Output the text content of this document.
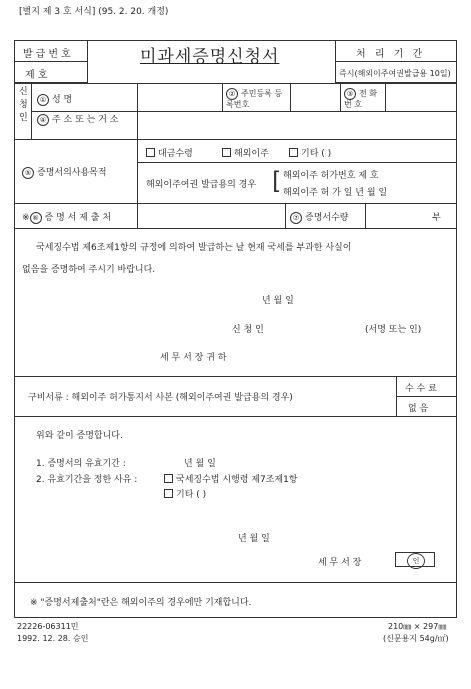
[별지 제 3 호 서식] (95. 2. 20. 개정)
발급번호
제 호
미과세증명신청서	처 리 기 간
즉시(해외이주여권발급용 10일)
신청인
① 성 명
② 주민등록 등록번호
③ 전 화 번 호
④ 주 소 또 는 거 소
⑤ 증명서의사용목적
대금수령	해외이주	기타 ( )
해외이주여권 발급용의 경우 [ 해외이주 허가번호 제 호
해외이주 허 가 일 년 월 일
※ ⑥ 증 명 서 제 출 처	⑦ 증명서수량	부
국세징수법 제6조제1항의 규정에 의하여 발급하는 날 현재 국세를 부과한 사실이
없음을 증명하여 주시기 바랍니다.
년 월 일
신 청 인	(서명 또는 인)
세 무 서 장 귀 하
구비서류 : 해외이주 허가통지서 사본 (해외이주여권 발급용의 경우)
수 수 료
없 음
위와 같이 증명합니다.
1. 증명서의 유효기간 :	년 월 일
2. 유효기간을 정한 사유 :	국세징수법 시행령 제7조제1항
기타 ( )
년 월 일
세 무 서 장	인
※ "증명서제출처"란은 해외이주의 경우에만 기재합니다.
22226-06311민
1992. 12. 28. 승인
210㎜ × 297㎜
(신문용지 54g/㎡)
